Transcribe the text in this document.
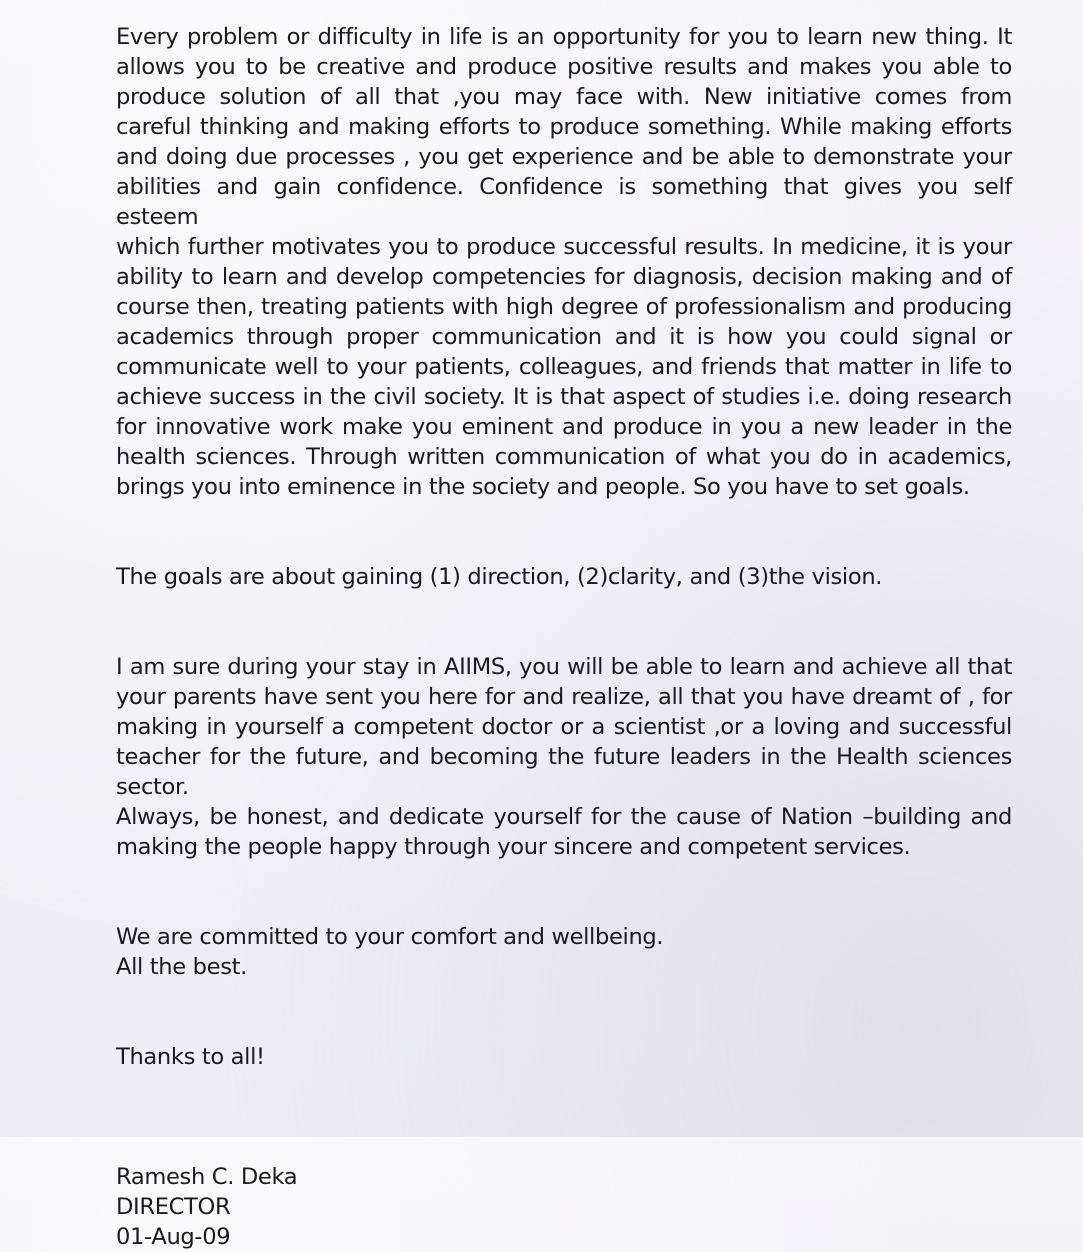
Every problem or difficulty in life is an opportunity for you to learn new thing. It
allows you to be creative and produce positive results and makes you able to
produce solution of all that ,you may face with. New initiative comes from
careful thinking and making efforts to produce something. While making efforts
and doing due processes , you get experience and be able to demonstrate your
abilities and gain confidence. Confidence is something that gives you self esteem
which further motivates you to produce successful results. In medicine, it is your
ability to learn and develop competencies for diagnosis, decision making and of
course then, treating patients with high degree of professionalism and producing
academics through proper communication and it is how you could signal or
communicate well to your patients, colleagues, and friends that matter in life to
achieve success in the civil society. It is that aspect of studies i.e. doing research
for innovative work make you eminent and produce in you a new leader in the
health sciences. Through written communication of what you do in academics,
brings you into eminence in the society and people. So you have to set goals.
The goals are about gaining (1) direction, (2)clarity, and (3)the vision.
I am sure during your stay in AIIMS, you will be able to learn and achieve all that
your parents have sent you here for and realize, all that you have dreamt of , for
making in yourself a competent doctor or a scientist ,or a loving and successful
teacher for the future, and becoming the future leaders in the Health sciences
sector.
Always, be honest, and dedicate yourself for the cause of Nation –building and
making the people happy through your sincere and competent services.
We are committed to your comfort and wellbeing.
All the best.
Thanks to all!
Ramesh C. Deka
DIRECTOR
01-Aug-09
